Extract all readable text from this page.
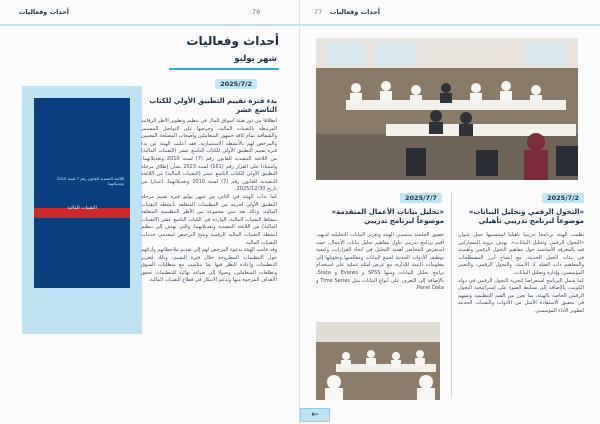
أحداث وفعاليات	78
أحداث وفعاليات
شهر يوليو
2025/7/2
اللائحة التنفيذية للقانون رقم 7 لسنة 2010 وتعديلاتهما
التقنيات المالية
بدء فترة تقييم التطبيق الأولي للكتاب التاسع عشر
انطلاقا من دور هيئة أسواق المال في تنظيم وتطوير الأطر الرقابية المرتبطة بالتقنيات المالية، وحرصها على التواصل المستمر والشفافية تمام كافة جمهور المتعاملين وأصحاب المصلحة المعنيين والمرخص لهم بالأنشطة الاستثمارية، فقد أعلنت الهيئة عن بدء فترة تقييم التطبيق الأولي للكتاب التاسع عشر (التقنيات المالية) من اللائحة التنفيذية للقانون رقم (7) لسنة 2010 وتعديلاتهما. واستنادا على القرار رقم (161) لسنة 2023 بشأن إطلاق مرحلة التطبيق الأولي للكتاب التاسع عشر (التقنيات المالية) من اللائحة التنفيذية للقانون رقم (7) لسنة 2010 وتعديلاتهما، اعتبارا من تاريخ 2025/12/30.
كما بدأت الهيئة في الثاني من شهر يوليو فترة تقييم مرحلة التطبيق الأولي لحزمة من التنظيمات المتعلقة بأنشطة التقنيات المالية، وذلك بعد تبني مجموعة من الأطر التنظيمية المتعلقة بنشاط التقنيات المالية، الواردة في الكتاب التاسع عشر (التقنيات المالية) من اللائحة التنفيذية وتعديلاتهما، والتي تهدف إلى تنظيم أنشطة التقنيات المالية الرقمية ومنح الترخيص لمقدمي خدمات التقنيات المالية.
وقد قامت الهيئة بدعوة المرخص لهم إلى تقديم ملاحظاتهم وآرائهم حول التنظيمات المطروحة خلال فترة التقييم، وذلك لتعزيز التنظيمات وإعادة النظر فيها بما يتناسب مع متطلبات السوق وتطلعات المتعاملين، وصولا إلى صياغة نهائية للتنظيمات تحقق الأهداف المرجوة منها وتدعم الابتكار في قطاع التقنيات المالية.
77 أحداث وفعاليات
2025/7/2
«التحول الرقمي وتحليل البيانات» موضوعاً لبرنامج تدريبي تأهيلي
نظمت الهيئة برنامجا تدريبيا تأهيليا لمنتسبيها حمل عنوان «التحول الرقمي وتحليل البيانات»، بهدف تزويد المشاركين فيه بالمعرفة الأساسية حول مفاهيم التحول الرقمي وأهميته في بيئات العمل الحديثة، مع إيضاح أبرز المصطلحات والمفاهيم ذات الصلة كـ الأتمتة، والتحول الرقمي، والتغيير المؤسسي، وإدارة وتحليل البيانات.
كما شمل البرنامج استعراضا لتجربة التحول الرقمي في دولة الكويت، بالإضافة إلى تسليط الضوء على إستراتيجية التحول الرقمي الخاصة بالهيئة، بما يعزز من القيم التنظيمية ويسهم في تحقيق الاستفادة الأمثل من الأدوات والتقنيات الحديثة لتطوير الأداء المؤسسي.
2025/7/7
«تحليل بيانات الأعمال المتقدمة» موضوعاً لبرنامج تدريبي
حضور الجلسة منتسبي الهيئة وتعزيز البيانات التحليلية لديهم، أقيم برنامج تدريبي تناول مفاهيم تحليل بيانات الأعمال، حيث استعرض المحاضر أهمية التحليل في اتخاذ القرارات، وكيفية توظيف الأدوات الحديثة لجمع البيانات ومعالجتها وتحويلها إلى معلومات داعمة للإدارة، مع عرض أمثلة عملية على استخدام برامج تحليل البيانات ومنها SPSS و Eviews و Stata، بالإضافة إلى التعرف على أنواع البيانات مثل Time Series و Panel Data.
←
